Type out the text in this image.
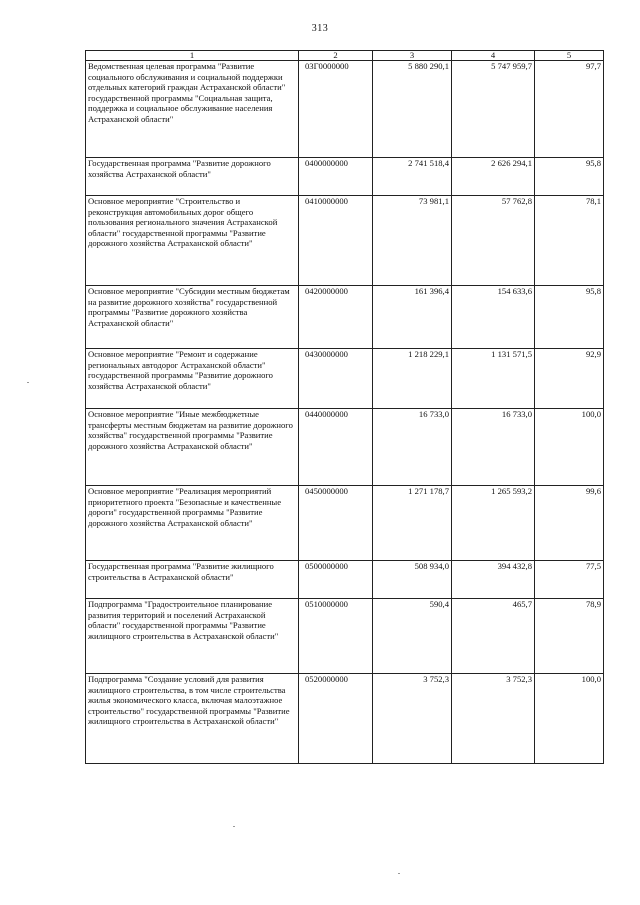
313
1	2	3	4	5
Ведомственная целевая программа "Развитие социального обслуживания и социальной поддержки отдельных категорий граждан Астраханской области" государственной программы "Социальная защита, поддержка и социальное обслуживание населения Астраханской области"	03Г0000000	5 880 290,1	5 747 959,7	97,7
Государственная программа "Развитие дорожного хозяйства Астраханской области"	0400000000	2 741 518,4	2 626 294,1	95,8
Основное мероприятие "Строительство и реконструкция автомобильных дорог общего пользования регионального значения Астраханской области" государственной программы "Развитие дорожного хозяйства Астраханской области"	0410000000	73 981,1	57 762,8	78,1
Основное мероприятие "Субсидии местным бюджетам на развитие дорожного хозяйства" государственной программы "Развитие дорожного хозяйства Астраханской области"	0420000000	161 396,4	154 633,6	95,8
Основное мероприятие "Ремонт и содержание региональных автодорог Астраханской области" государственной программы "Развитие дорожного хозяйства Астраханской области"	0430000000	1 218 229,1	1 131 571,5	92,9
Основное мероприятие "Иные межбюджетные трансферты местным бюджетам на развитие дорожного хозяйства" государственной программы "Развитие дорожного хозяйства Астраханской области"	0440000000	16 733,0	16 733,0	100,0
Основное мероприятие "Реализация мероприятий приоритетного проекта "Безопасные и качественные дороги" государственной программы "Развитие дорожного хозяйства Астраханской области"	0450000000	1 271 178,7	1 265 593,2	99,6
Государственная программа "Развитие жилищного строительства в Астраханской области"	0500000000	508 934,0	394 432,8	77,5
Подпрограмма "Градостроительное планирование развития территорий и поселений Астраханской области" государственной программы "Развитие жилищного строительства в Астраханской области"	0510000000	590,4	465,7	78,9
Подпрограмма "Создание условий для развития жилищного строительства, в том числе строительства жилья экономического класса, включая малоэтажное строительство" государственной программы "Развитие жилищного строительства в Астраханской области"	0520000000	3 752,3	3 752,3	100,0
